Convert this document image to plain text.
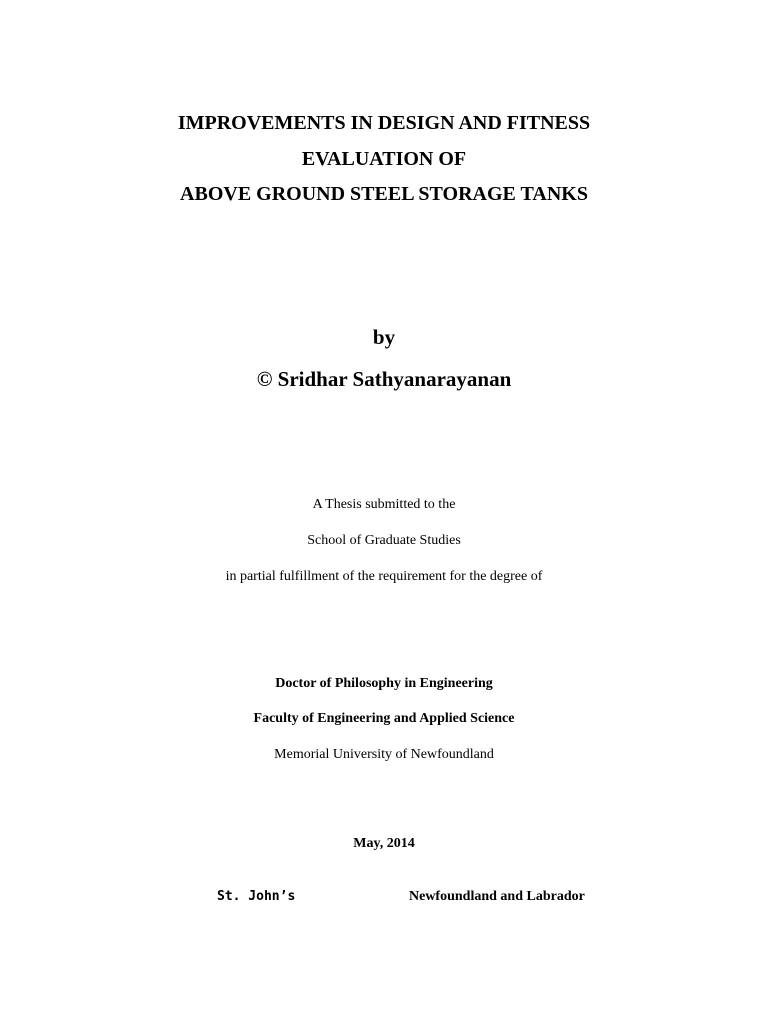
IMPROVEMENTS IN DESIGN AND FITNESS
EVALUATION OF
ABOVE GROUND STEEL STORAGE TANKS
by
© Sridhar Sathyanarayanan
A Thesis submitted to the
School of Graduate Studies
in partial fulfillment of the requirement for the degree of
Doctor of Philosophy in Engineering
Faculty of Engineering and Applied Science
Memorial University of Newfoundland
May, 2014
St. John’s	Newfoundland and Labrador
